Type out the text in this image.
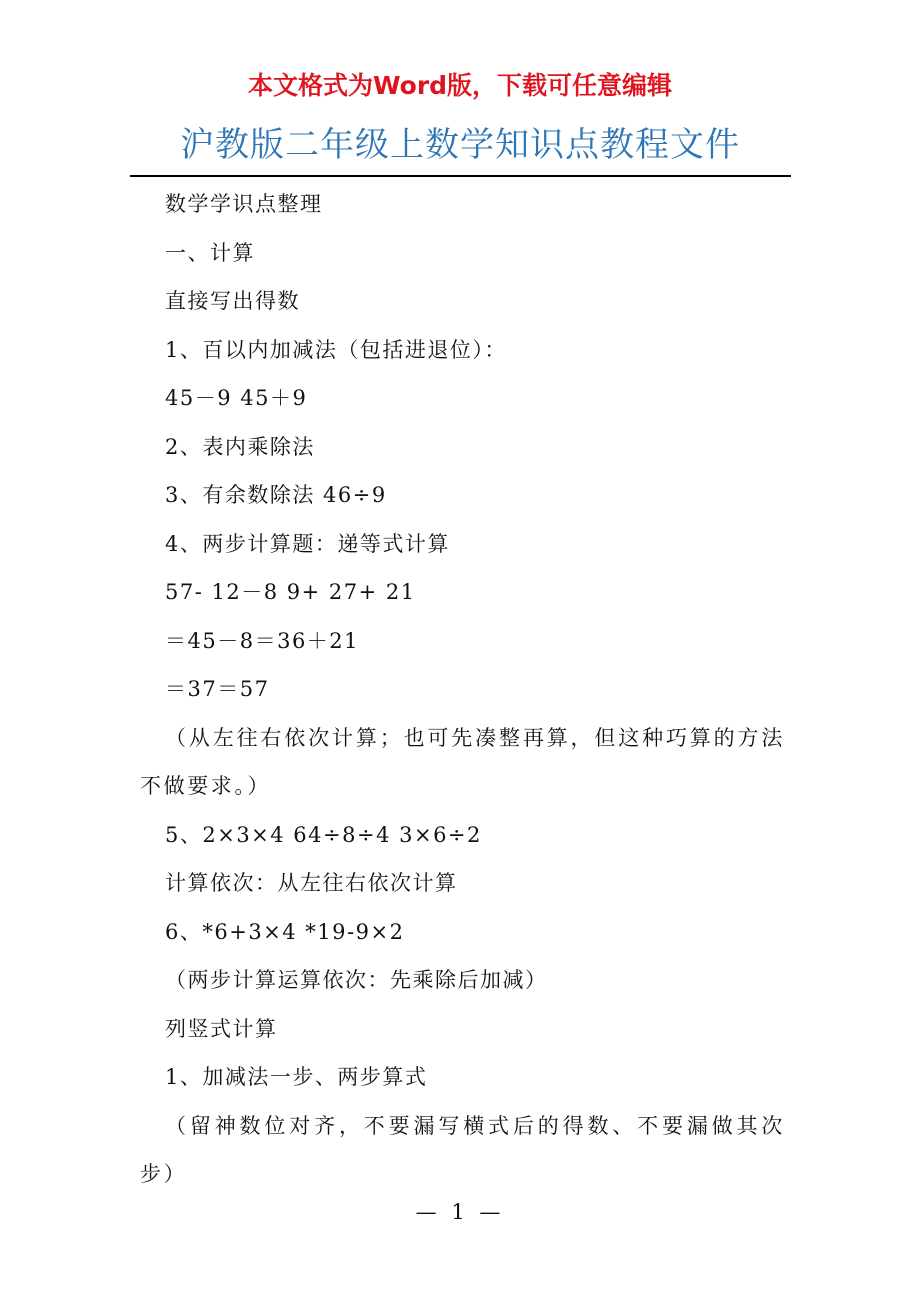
本文格式为Word版，下载可任意编辑
沪教版二年级上数学知识点教程文件

数学学识点整理

一、计算

直接写出得数

1、百以内加减法（包括进退位）：

45－9 45＋9

2、表内乘除法

3、有余数除法 46÷9

4、两步计算题：递等式计算

57- 12－8 9+ 27+ 21

＝45－8＝36＋21

＝37＝57

（从左往右依次计算；也可先凑整再算，但这种巧算的方法不做要求。）

5、2×3×4 64÷8÷4 3×6÷2

计算依次：从左往右依次计算

6、*6+3×4 *19-9×2

（两步计算运算依次：先乘除后加减）

列竖式计算

1、加减法一步、两步算式

（留神数位对齐，不要漏写横式后的得数、不要漏做其次步）

— 1 —
